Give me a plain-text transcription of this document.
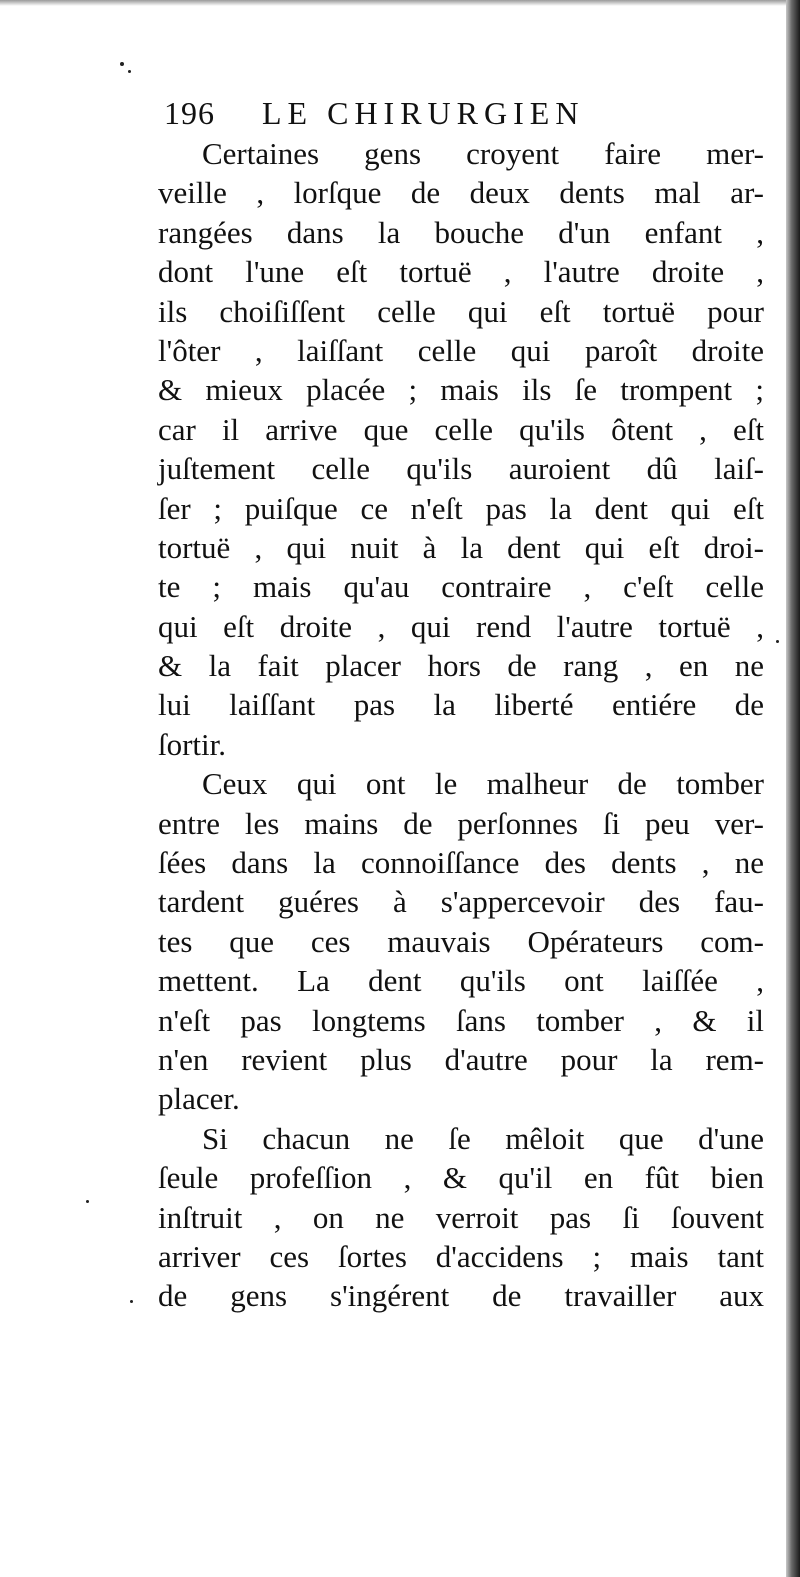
196 LE CHIRURGIEN
Certaines gens croyent faire mer-
veille , lorſque de deux dents mal ar-
rangées dans la bouche d'un enfant ,
dont l'une eſt tortuë , l'autre droite ,
ils choiſiſſent celle qui eſt tortuë pour
l'ôter , laiſſant celle qui paroît droite
& mieux placée ; mais ils ſe trompent ;
car il arrive que celle qu'ils ôtent , eſt
juſtement celle qu'ils auroient dû laiſ-
ſer ; puiſque ce n'eſt pas la dent qui eſt
tortuë , qui nuit à la dent qui eſt droi-
te ; mais qu'au contraire , c'eſt celle
qui eſt droite , qui rend l'autre tortuë ,
& la fait placer hors de rang , en ne
lui laiſſant pas la liberté entiére de
ſortir.
Ceux qui ont le malheur de tomber
entre les mains de perſonnes ſi peu ver-
ſées dans la connoiſſance des dents , ne
tardent guéres à s'appercevoir des fau-
tes que ces mauvais Opérateurs com-
mettent. La dent qu'ils ont laiſſée ,
n'eſt pas longtems ſans tomber , & il
n'en revient plus d'autre pour la rem-
placer.
Si chacun ne ſe mêloit que d'une
ſeule profeſſion , & qu'il en fût bien
inſtruit , on ne verroit pas ſi ſouvent
arriver ces ſortes d'accidens ; mais tant
de gens s'ingérent de travailler aux
